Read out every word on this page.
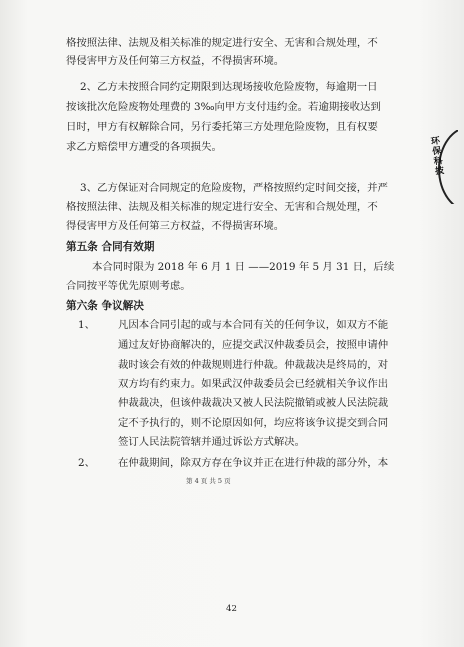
格按照法律、法规及相关标准的规定进行安全、无害和合规处理，不
得侵害甲方及任何第三方权益，不得损害环境。
2、乙方未按照合同约定期限到达现场接收危险废物，每逾期一日
按该批次危险废物处理费的 3‰向甲方支付违约金。若逾期接收达到
日时，甲方有权解除合同，另行委托第三方处理危险废物，且有权要
求乙方赔偿甲方遭受的各项损失。
3、乙方保证对合同规定的危险废物，严格按照约定时间交接，并严
格按照法律、法规及相关标准的规定进行安全、无害和合规处理，不
得侵害甲方及任何第三方权益，不得损害环境。
第五条 合同有效期
本合同时限为 2018 年 6 月 1 日 ——2019 年 5 月 31 日，后续
合同按平等优先原则考虑。
第六条 争议解决
1、 凡因本合同引起的或与本合同有关的任何争议，如双方不能
通过友好协商解决的，应提交武汉仲裁委员会，按照申请仲
裁时该会有效的仲裁规则进行仲裁。仲裁裁决是终局的，对
双方均有约束力。如果武汉仲裁委员会已经就相关争议作出
仲裁裁决，但该仲裁裁决又被人民法院撤销或被人民法院裁
定不予执行的，则不论原因如何，均应将该争议提交到合同
签订人民法院管辖并通过诉讼方式解决。
2、 在仲裁期间，除双方存在争议并正在进行仲裁的部分外，本
第 4 页 共 5 页
42
环保科技
